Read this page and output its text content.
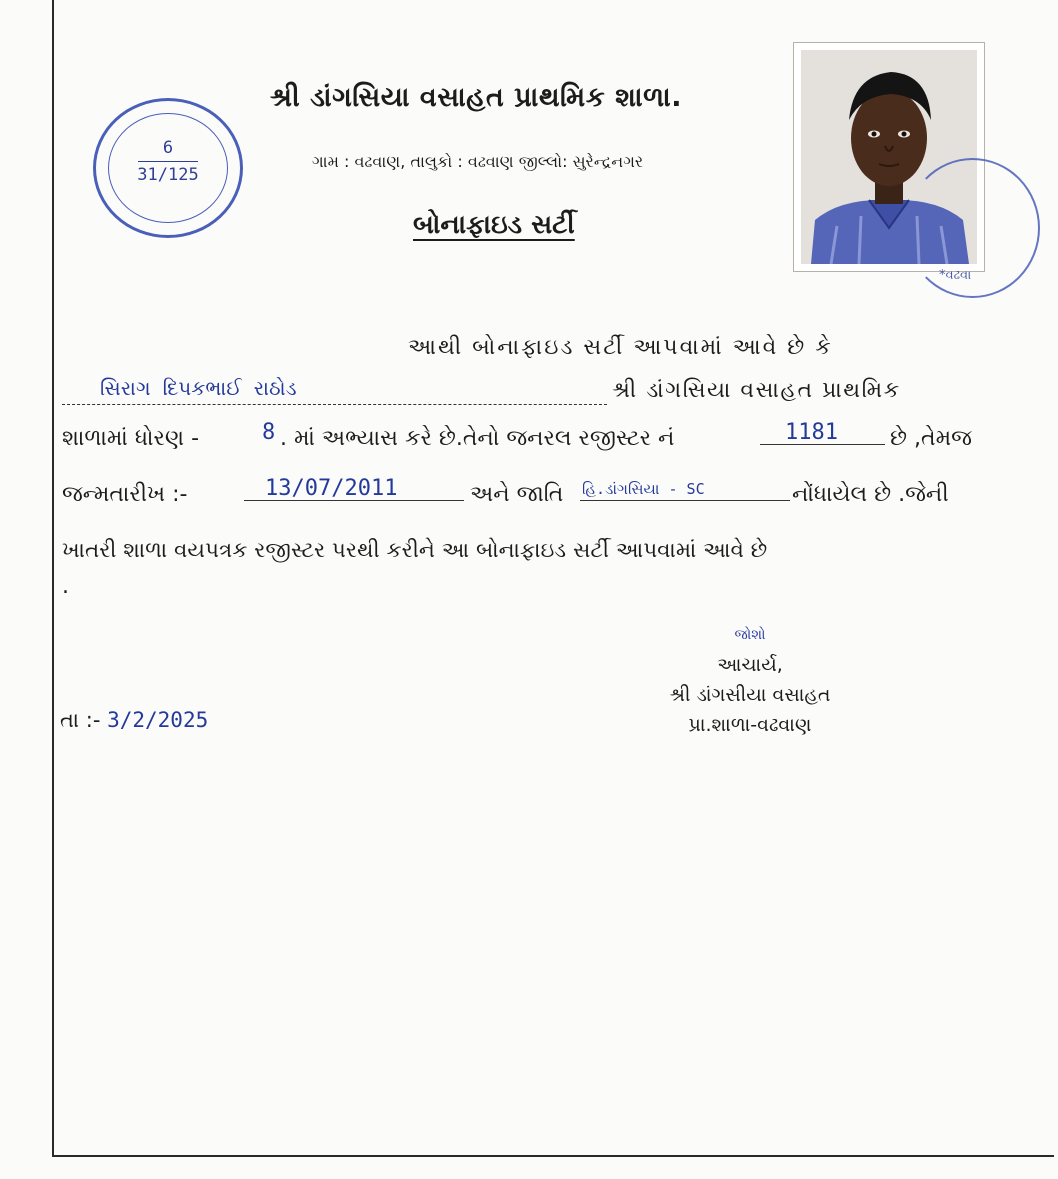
6
31/125
શ્રી ડાંગસિયા વસાહત પ્રાથમિક શાળા.
ગામ : વઢવાણ, તાલુકો : વઢવાણ જીલ્લો: સુરેન્દ્રનગર
બોનાફાઇડ સર્ટી
*વઢવા
આથી બોનાફાઇડ સર્ટી આપવામાં આવે છે કે
સિરાગ દિપકભાઈ રાઠોડ	શ્રી ડાંગસિયા વસાહત પ્રાથમિક
શાળામાં ધોરણ -	8 . માં અભ્યાસ કરે છે.તેનો જનરલ રજીસ્ટર નં	1181 છે ,તેમજ
જન્મતારીખ :-	13/07/2011	અને જાતિ હિ.ડાંગસિયા - SC	નોંધાયેલ છે .જેની
ખાતરી શાળા વયપત્રક રજીસ્ટર પરથી કરીને આ બોનાફાઇડ સર્ટી આપવામાં આવે છે
.
જોશો
આચાર્ય,
શ્રી ડાંગસીયા વસાહત
પ્રા.શાળા-વઢવાણ
તા :- 3/2/2025
